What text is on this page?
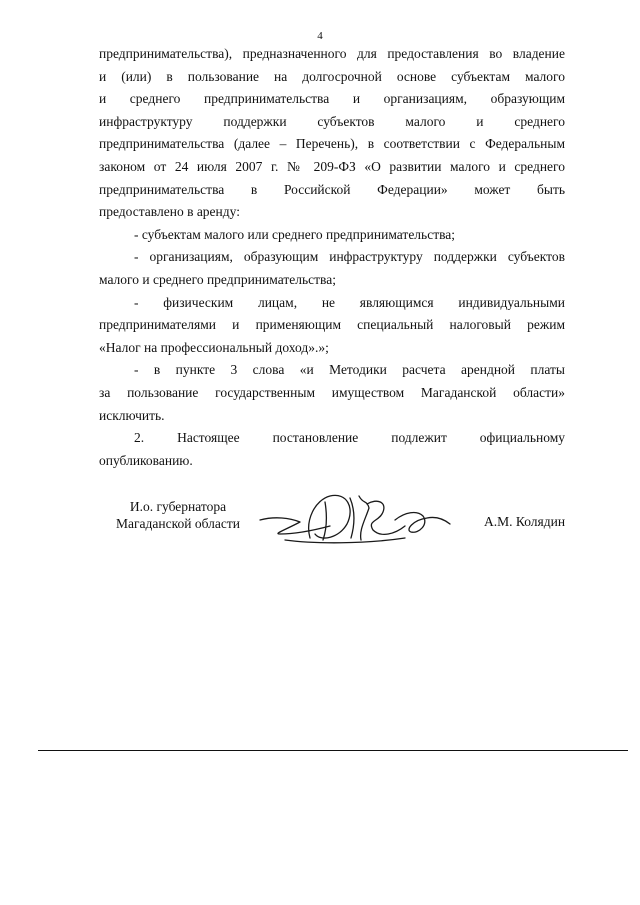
4
предпринимательства), предназначенного для предоставления во владение
и (или) в пользование на долгосрочной основе субъектам малого
и среднего предпринимательства и организациям, образующим
инфраструктуру поддержки субъектов малого и среднего
предпринимательства (далее – Перечень), в соответствии с Федеральным
законом от 24 июля 2007 г. № 209-ФЗ «О развитии малого и среднего
предпринимательства в Российской Федерации» может быть
предоставлено в аренду:
- субъектам малого или среднего предпринимательства;
- организациям, образующим инфраструктуру поддержки субъектов
малого и среднего предпринимательства;
- физическим лицам, не являющимся индивидуальными
предпринимателями и применяющим специальный налоговый режим
«Налог на профессиональный доход».»;
- в пункте 3 слова «и Методики расчета арендной платы
за пользование государственным имуществом Магаданской области»
исключить.
2. Настоящее постановление подлежит официальному
опубликованию.
И.о. губернатора
Магаданской области	А.М. Колядин
